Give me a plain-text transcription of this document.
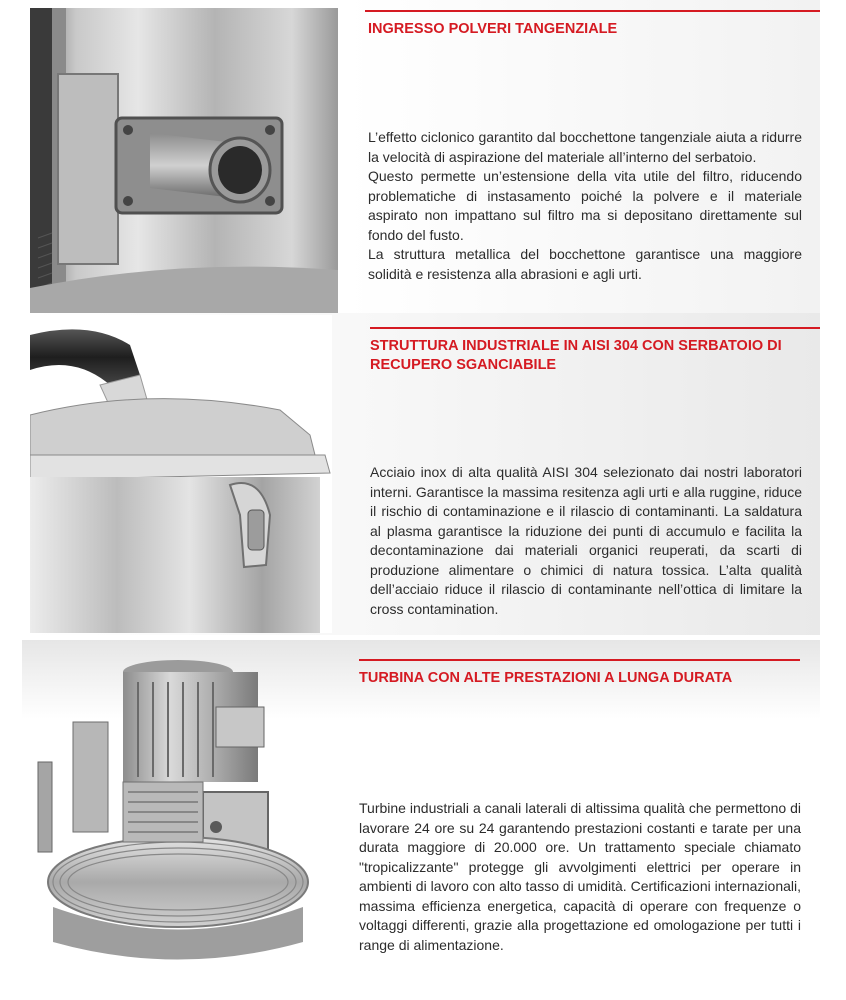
INGRESSO POLVERI TANGENZIALE
L’effetto ciclonico garantito dal bocchettone tangenziale aiuta a ridurre la velocità di aspirazione del materiale all’interno del serbatoio.
Questo permette un’estensione della vita utile del filtro, riducendo problematiche di instasamento poiché la polvere e il materiale aspirato non impattano sul filtro ma si depositano direttamente sul fondo del fusto.
La struttura metallica del bocchettone garantisce una maggiore solidità e resistenza alla abrasioni e agli urti.
STRUTTURA INDUSTRIALE IN AISI 304 CON SERBATOIO DI RECUPERO SGANCIABILE
Acciaio inox di alta qualità AISI 304 selezionato dai nostri laboratori interni. Garantisce la massima resitenza agli urti e alla ruggine, riduce il rischio di contaminazione e il rilascio di contaminanti. La saldatura al plasma garantisce la riduzione dei punti di accumulo e facilita la decontaminazione dai materiali organici reuperati, da scarti di produzione alimentare o chimici di natura tossica. L’alta qualità dell’acciaio riduce il rilascio di contaminante nell’ottica di limitare la cross contamination.
TURBINA CON ALTE PRESTAZIONI A LUNGA DURATA
Turbine industriali a canali laterali di altissima qualità che permettono di lavorare 24 ore su 24 garantendo prestazioni costanti e tarate per una durata maggiore di 20.000 ore. Un trattamento speciale chiamato "tropicalizzante" protegge gli avvolgimenti elettrici per operare in ambienti di lavoro con alto tasso di umidità. Certificazioni internazionali, massima efficienza energetica, capacità di operare con frequenze o voltaggi differenti, grazie alla progettazione ed omologazione per tutti i range di alimentazione.
